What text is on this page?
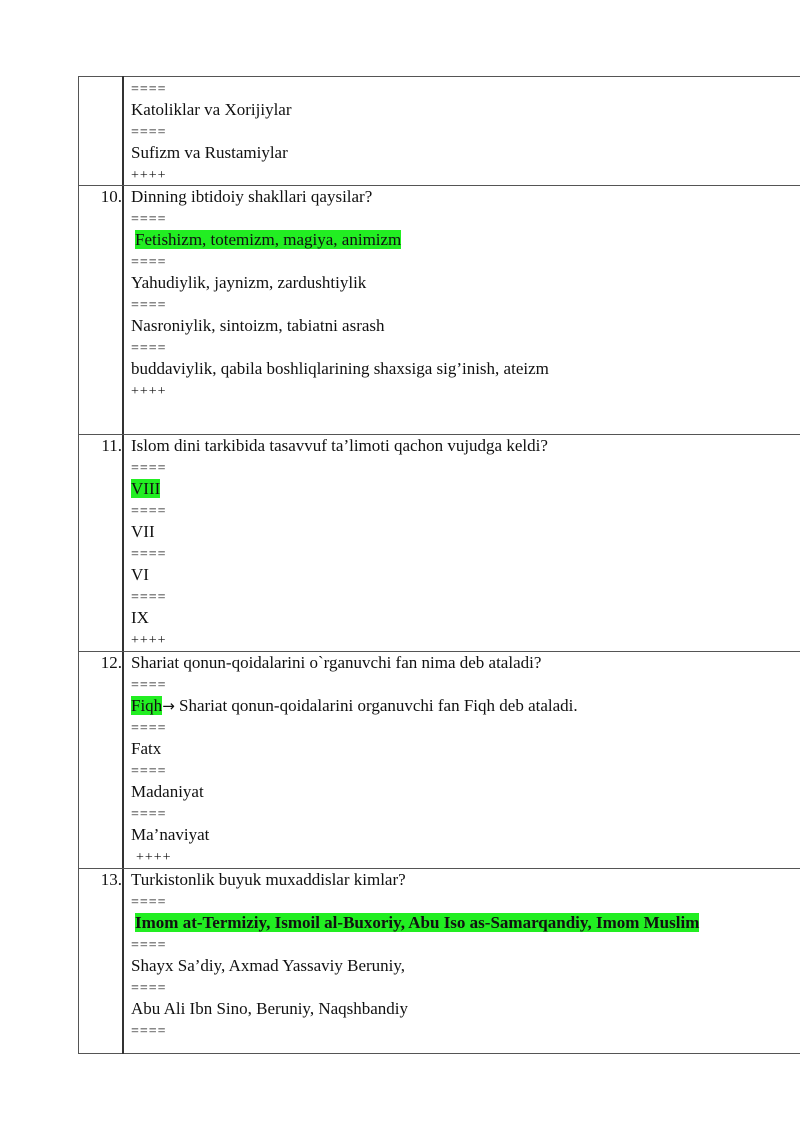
====
Katoliklar va Xorijiylar
====
Sufizm va Rustamiylar
++++
10. Dinning ibtidoiy shakllari qaysilar?
====
Fetishizm, totemizm, magiya, animizm
====
Yahudiylik, jaynizm, zardushtiylik
====
Nasroniylik, sintoizm, tabiatni asrash
====
buddaviylik, qabila boshliqlarining shaxsiga sig’inish, ateizm
++++
11. Islom dini tarkibida tasavvuf ta’limoti qachon vujudga keldi?
====
VIII
====
VII
====
VI
====
IX
++++
12. Shariat qonun-qoidalarini o`rganuvchi fan nima deb ataladi?
====
Fiqh→ Shariat qonun-qoidalarini organuvchi fan Fiqh deb ataladi.
====
Fatx
====
Madaniyat
====
Ma’naviyat
++++
13. Turkistonlik buyuk muxaddislar kimlar?
====
Imom at-Termiziy, Ismoil al-Buxoriy, Abu Iso as-Samarqandiy, Imom Muslim
====
Shayx Sa’diy, Axmad Yassaviy Beruniy,
====
Abu Ali Ibn Sino, Beruniy, Naqshbandiy
====
